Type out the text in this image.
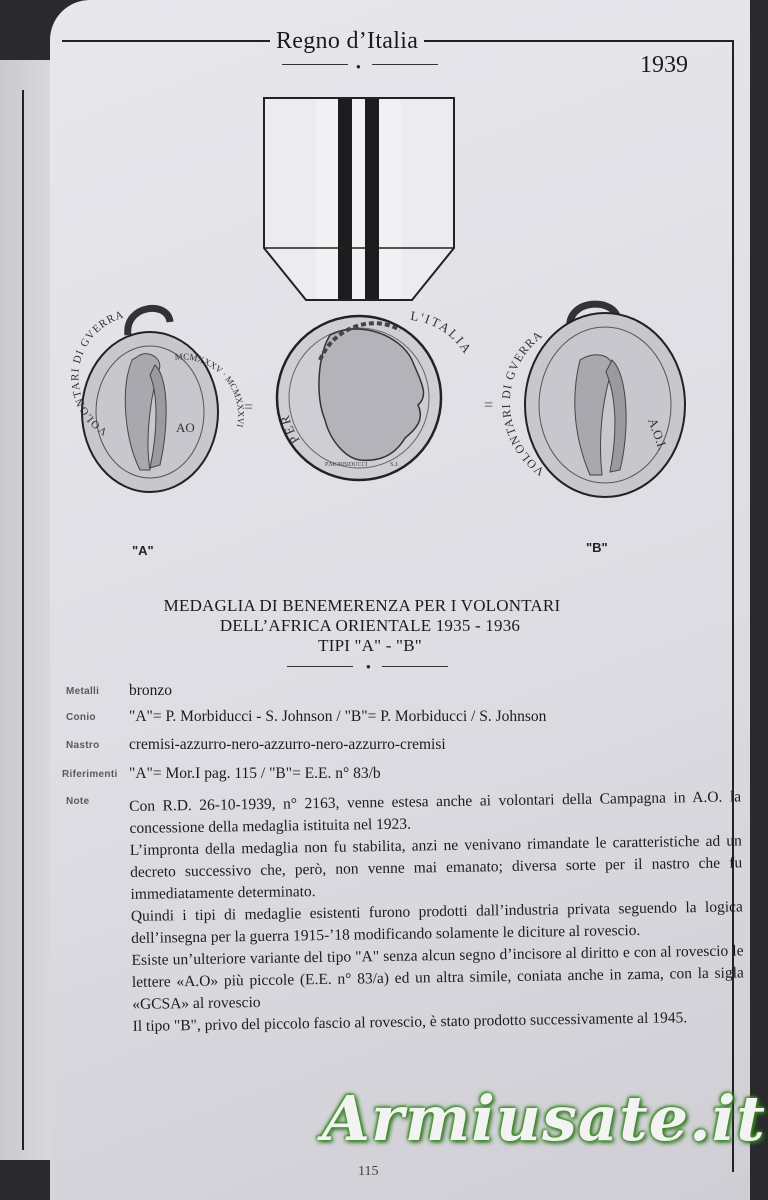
Regno d’Italia
●	1939
VOLONTARI DI GVERRA
MCMXXXV · MCMXXXVI
AO
=
PER
L'ITALIA
P.MORBIDUCCI	S.J.
=
VOLONTARI DI GVERRA
A.O.I.
"A"	"B"
MEDAGLIA DI BENEMERENZA PER I VOLONTARI
DELL’AFRICA ORIENTALE 1935 - 1936
TIPI "A" - "B"
●
Metalli bronzo
Conio "A"= P. Morbiducci - S. Johnson / "B"= P. Morbiducci / S. Johnson
Nastro cremisi-azzurro-nero-azzurro-nero-azzurro-cremisi
Riferimenti "A"= Mor.I pag. 115 / "B"= E.E. n° 83/b
Note	Con R.D. 26-10-1939, n° 2163, venne estesa anche ai volontari della Campagna in A.O. la concessione della medaglia istituita nel 1923.

L’impronta della medaglia non fu stabilita, anzi ne venivano rimandate le caratteristiche ad un decreto successivo che, però, non venne mai emanato; diversa sorte per il nastro che fu immediatamente determinato.

Quindi i tipi di medaglie esistenti furono prodotti dall’industria privata seguendo la logica dell’insegna per la guerra 1915-’18 modificando solamente le diciture al rovescio.

Esiste un’ulteriore variante del tipo "A" senza alcun segno d’incisore al diritto e con al rovescio le lettere «A.O» più piccole (E.E. n° 83/a) ed un altra simile, coniata anche in zama, con la sigla «GCSA» al rovescio

Il tipo "B", privo del piccolo fascio al rovescio, è stato prodotto successivamente al 1945.

115
Armiusate.it
